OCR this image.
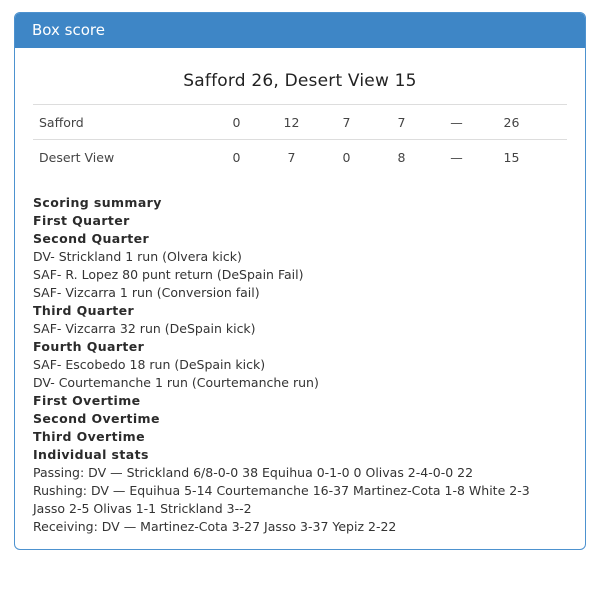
Box score
Safford 26, Desert View 15
Safford	0	12	7	7	—	26
Desert View	0	7	0	8	—	15
Scoring summary
First Quarter
Second Quarter
DV- Strickland 1 run (Olvera kick)
SAF- R. Lopez 80 punt return (DeSpain Fail)
SAF- Vizcarra 1 run (Conversion fail)
Third Quarter
SAF- Vizcarra 32 run (DeSpain kick)
Fourth Quarter
SAF- Escobedo 18 run (DeSpain kick)
DV- Courtemanche 1 run (Courtemanche run)
First Overtime
Second Overtime
Third Overtime
Individual stats
Passing: DV — Strickland 6/8-0-0 38 Equihua 0-1-0 0 Olivas 2-4-0-0 22
Rushing: DV — Equihua 5-14 Courtemanche 16-37 Martinez-Cota 1-8 White 2-3
Jasso 2-5 Olivas 1-1 Strickland 3--2
Receiving: DV — Martinez-Cota 3-27 Jasso 3-37 Yepiz 2-22
